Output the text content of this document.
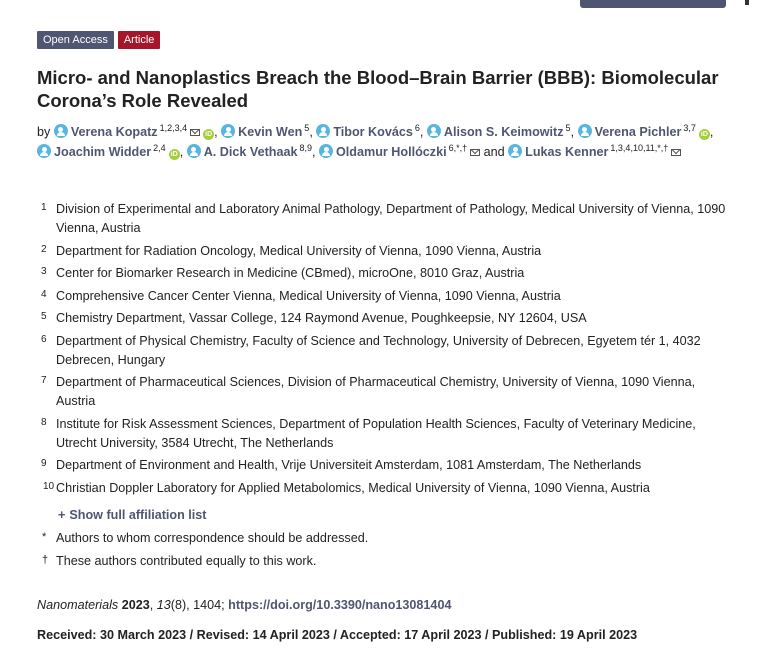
Open Access	Article
Micro- and Nanoplastics Breach the Blood–Brain Barrier (BBB): Biomolecular Corona’s Role Revealed
by Verena Kopatz $^{1,2,3,4}$iD , Kevin Wen $^5$, Tibor Kovács $^6$, Alison S. Keimowitz $^5$, Verena Pichler $^{3,7}$iD , Joachim Widder $^{2,4}$iD , A. Dick Vethaak $^{8,9}$, Oldamur Hollóczki $^{6,*,\dagger}$ and Lukas Kenner $^{1,3,4,10,11,*,\dagger}$
1 Division of Experimental and Laboratory Animal Pathology, Department of Pathology, Medical University of Vienna, 1090 Vienna, Austria
2 Department for Radiation Oncology, Medical University of Vienna, 1090 Vienna, Austria
3 Center for Biomarker Research in Medicine (CBmed), microOne, 8010 Graz, Austria
4 Comprehensive Cancer Center Vienna, Medical University of Vienna, 1090 Vienna, Austria
5 Chemistry Department, Vassar College, 124 Raymond Avenue, Poughkeepsie, NY 12604, USA
6 Department of Physical Chemistry, Faculty of Science and Technology, University of Debrecen, Egyetem tér 1, 4032 Debrecen, Hungary
7 Department of Pharmaceutical Sciences, Division of Pharmaceutical Chemistry, University of Vienna, 1090 Vienna, Austria
8 Institute for Risk Assessment Sciences, Department of Population Health Sciences, Faculty of Veterinary Medicine, Utrecht University, 3584 Utrecht, The Netherlands
9 Department of Environment and Health, Vrije Universiteit Amsterdam, 1081 Amsterdam, The Netherlands
10 Christian Doppler Laboratory for Applied Metabolomics, Medical University of Vienna, 1090 Vienna, Austria
+ Show full affiliation list
* Authors to whom correspondence should be addressed.
† These authors contributed equally to this work.
Nanomaterials 2023, 13(8), 1404; https://doi.org/10.3390/nano13081404
Received: 30 March 2023 / Revised: 14 April 2023 / Accepted: 17 April 2023 / Published: 19 April 2023
